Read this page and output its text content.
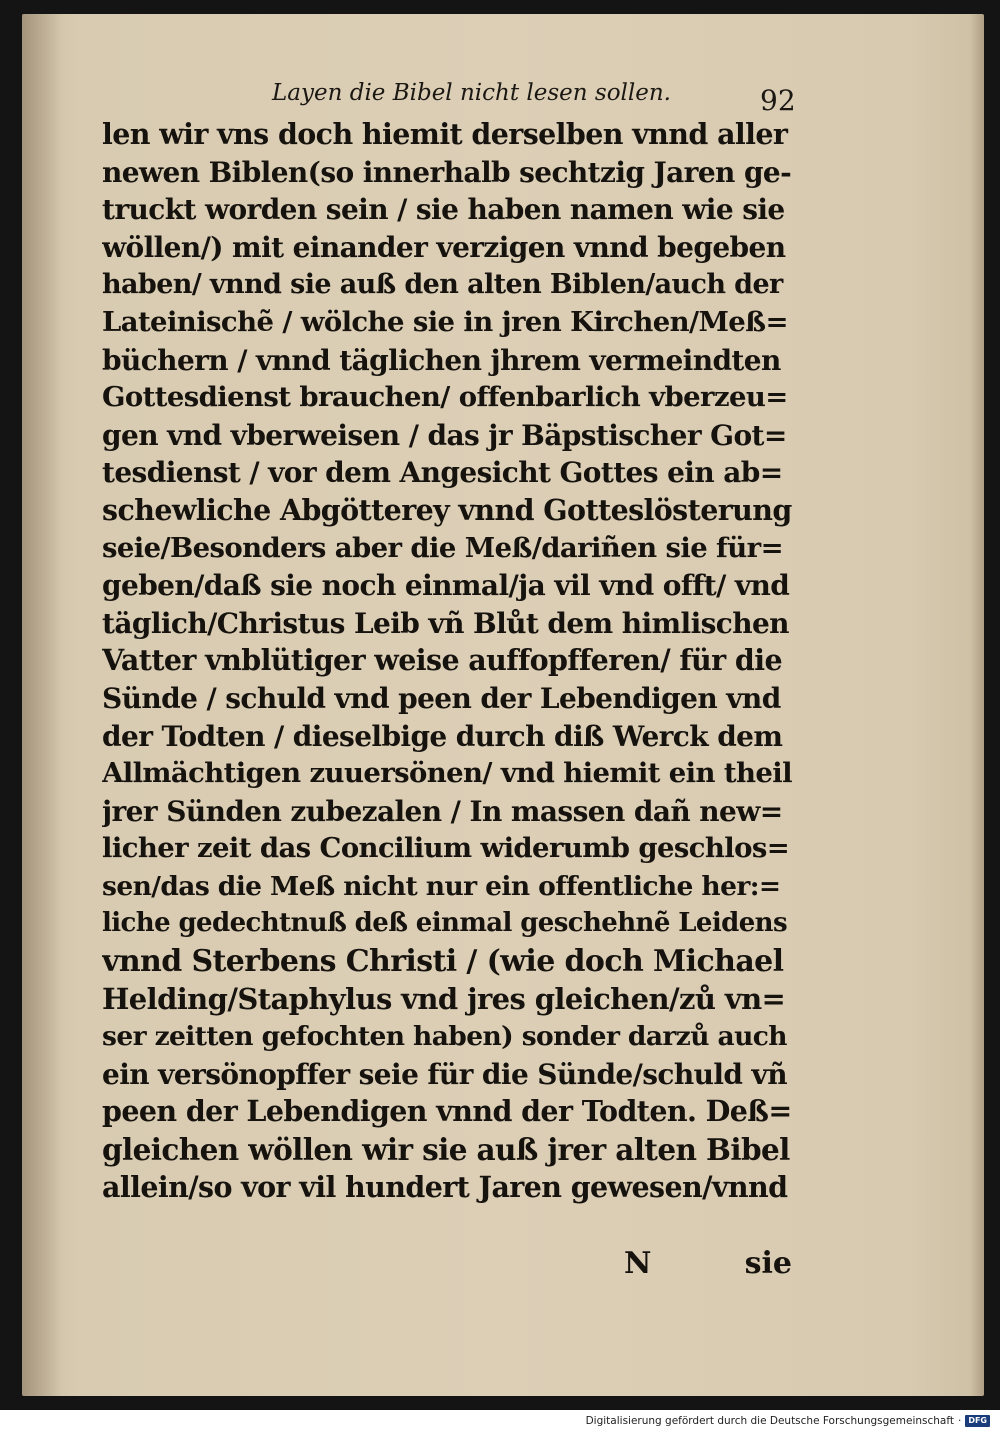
Layen die Bibel nicht lesen sollen.	92
len wir vns doch hiemit derselben vnnd aller
newen Biblen(so innerhalb sechtzig Jaren ge-
truckt worden sein / sie haben namen wie sie
wöllen/) mit einander verzigen vnnd begeben
haben/ vnnd sie auß den alten Biblen/auch der
Lateinischẽ / wölche sie in jren Kirchen/Meß=
büchern / vnnd täglichen jhrem vermeindten
Gottesdienst brauchen/ offenbarlich vberzeu=
gen vnd vberweisen / das jr Bäpstischer Got=
tesdienst / vor dem Angesicht Gottes ein ab=
schewliche Abgötterey vnnd Gotteslösterung
seie/Besonders aber die Meß/dariñen sie für=
geben/daß sie noch einmal/ja vil vnd offt/ vnd
täglich/Christus Leib vñ Blůt dem himlischen
Vatter vnblütiger weise auffopfferen/ für die
Sünde / schuld vnd peen der Lebendigen vnd
der Todten / dieselbige durch diß Werck dem
Allmächtigen zuuersönen/ vnd hiemit ein theil
jrer Sünden zubezalen / In massen dañ new=
licher zeit das Concilium widerumb geschlos=
sen/das die Meß nicht nur ein offentliche her:=
liche gedechtnuß deß einmal geschehnẽ Leidens
vnnd Sterbens Christi / (wie doch Michael
Helding/Staphylus vnd jres gleichen/zů vn=
ser zeitten gefochten haben) sonder darzů auch
ein versönopffer seie für die Sünde/schuld vñ
peen der Lebendigen vnnd der Todten. Deß=
gleichen wöllen wir sie auß jrer alten Bibel
allein/so vor vil hundert Jaren gewesen/vnnd
N	sie
Digitalisierung gefördert durch die Deutsche Forschungsgemeinschaft · DFG
